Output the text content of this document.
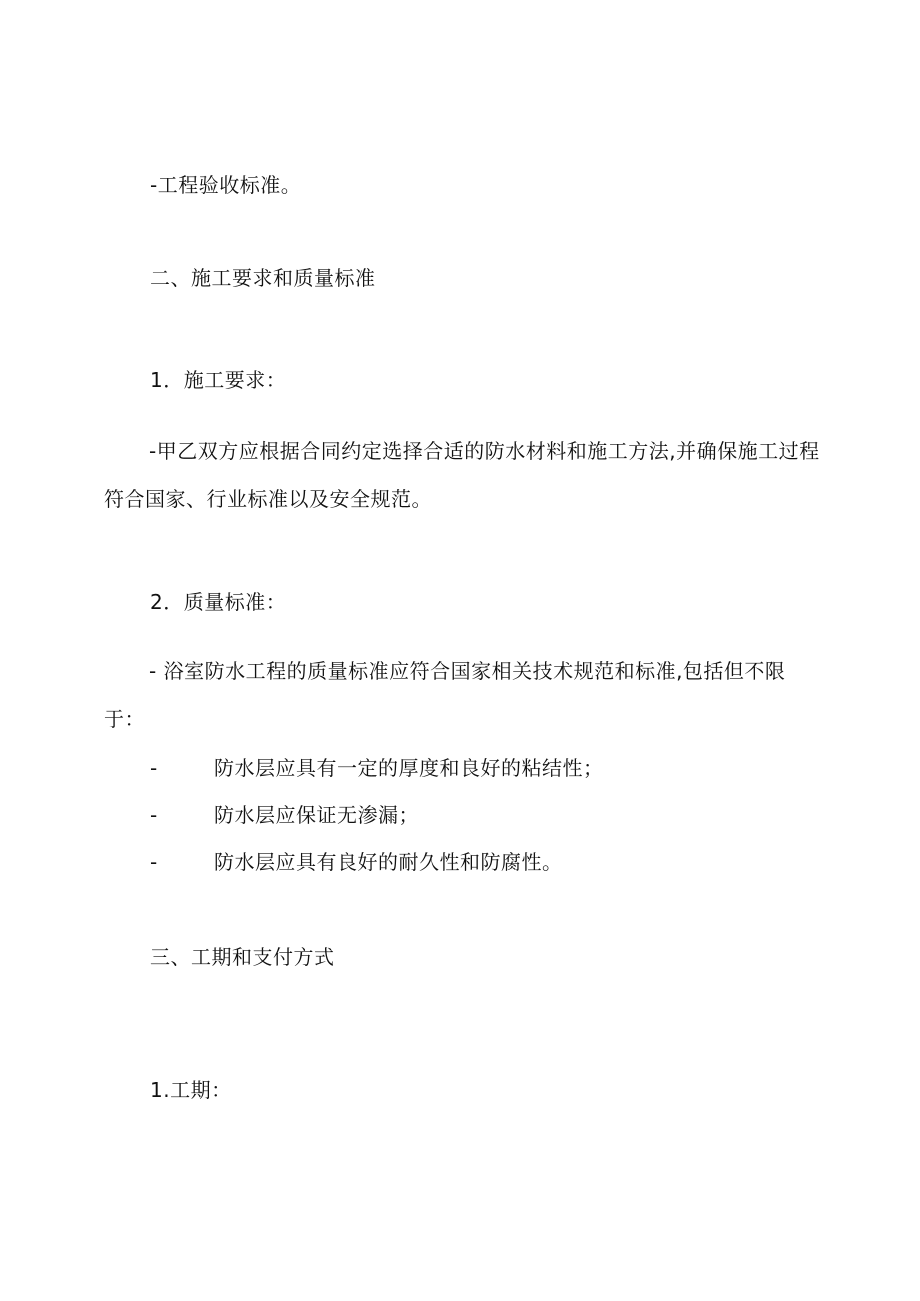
-工程验收标准。
二、施工要求和质量标准
1．施工要求：
-甲乙双方应根据合同约定选择合适的防水材料和施工方法,并确保施工过程符合国家、行业标准以及安全规范。
2．质量标准：
- 浴室防水工程的质量标准应符合国家相关技术规范和标准,包括但不限于：
-	防水层应具有一定的厚度和良好的粘结性；
-	防水层应保证无渗漏；
-	防水层应具有良好的耐久性和防腐性。
三、工期和支付方式
1.工期：
